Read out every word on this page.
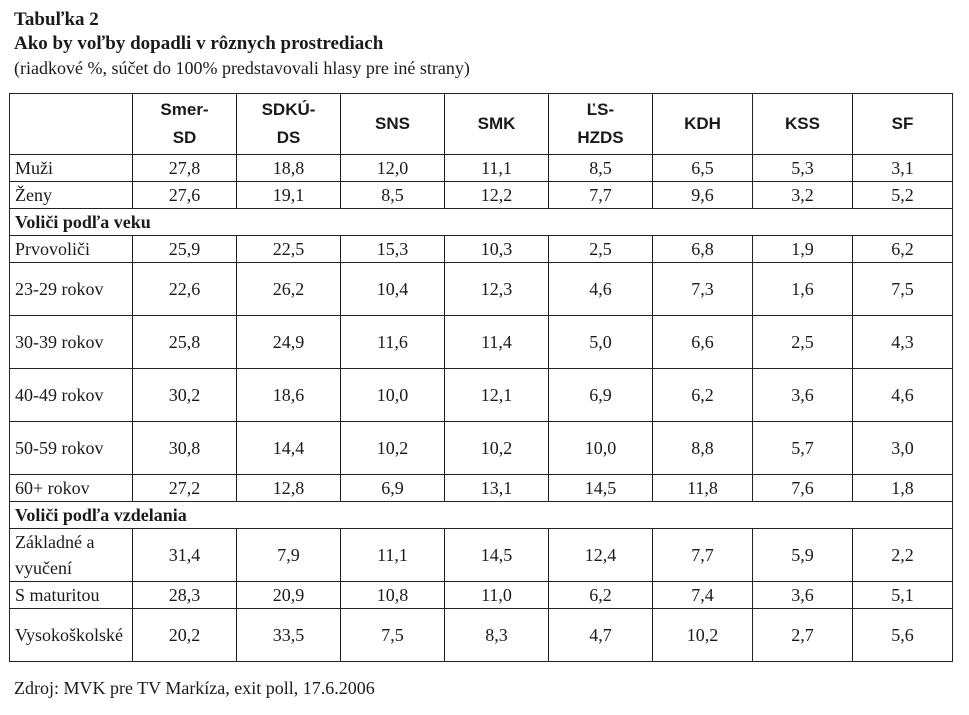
Tabuľka 2
Ako by voľby dopadli v rôznych prostrediach
(riadkové %, súčet do 100% predstavovali hlasy pre iné strany)
	Smer-SD	SDKÚ-DS	SNS	SMK	ĽS-HZDS	KDH	KSS	SF
Muži	27,8	18,8	12,0	11,1	8,5	6,5	5,3	3,1
Ženy	27,6	19,1	8,5	12,2	7,7	9,6	3,2	5,2
Voliči podľa veku								
Prvovoliči	25,9	22,5	15,3	10,3	2,5	6,8	1,9	6,2
23-29 rokov	22,6	26,2	10,4	12,3	4,6	7,3	1,6	7,5
30-39 rokov	25,8	24,9	11,6	11,4	5,0	6,6	2,5	4,3
40-49 rokov	30,2	18,6	10,0	12,1	6,9	6,2	3,6	4,6
50-59 rokov	30,8	14,4	10,2	10,2	10,0	8,8	5,7	3,0
60+ rokov	27,2	12,8	6,9	13,1	14,5	11,8	7,6	1,8
Voliči podľa vzdelania								
Základné a vyučení	31,4	7,9	11,1	14,5	12,4	7,7	5,9	2,2
S maturitou	28,3	20,9	10,8	11,0	6,2	7,4	3,6	5,1
Vysokoškolské	20,2	33,5	7,5	8,3	4,7	10,2	2,7	5,6
Zdroj: MVK pre TV Markíza, exit poll, 17.6.2006
